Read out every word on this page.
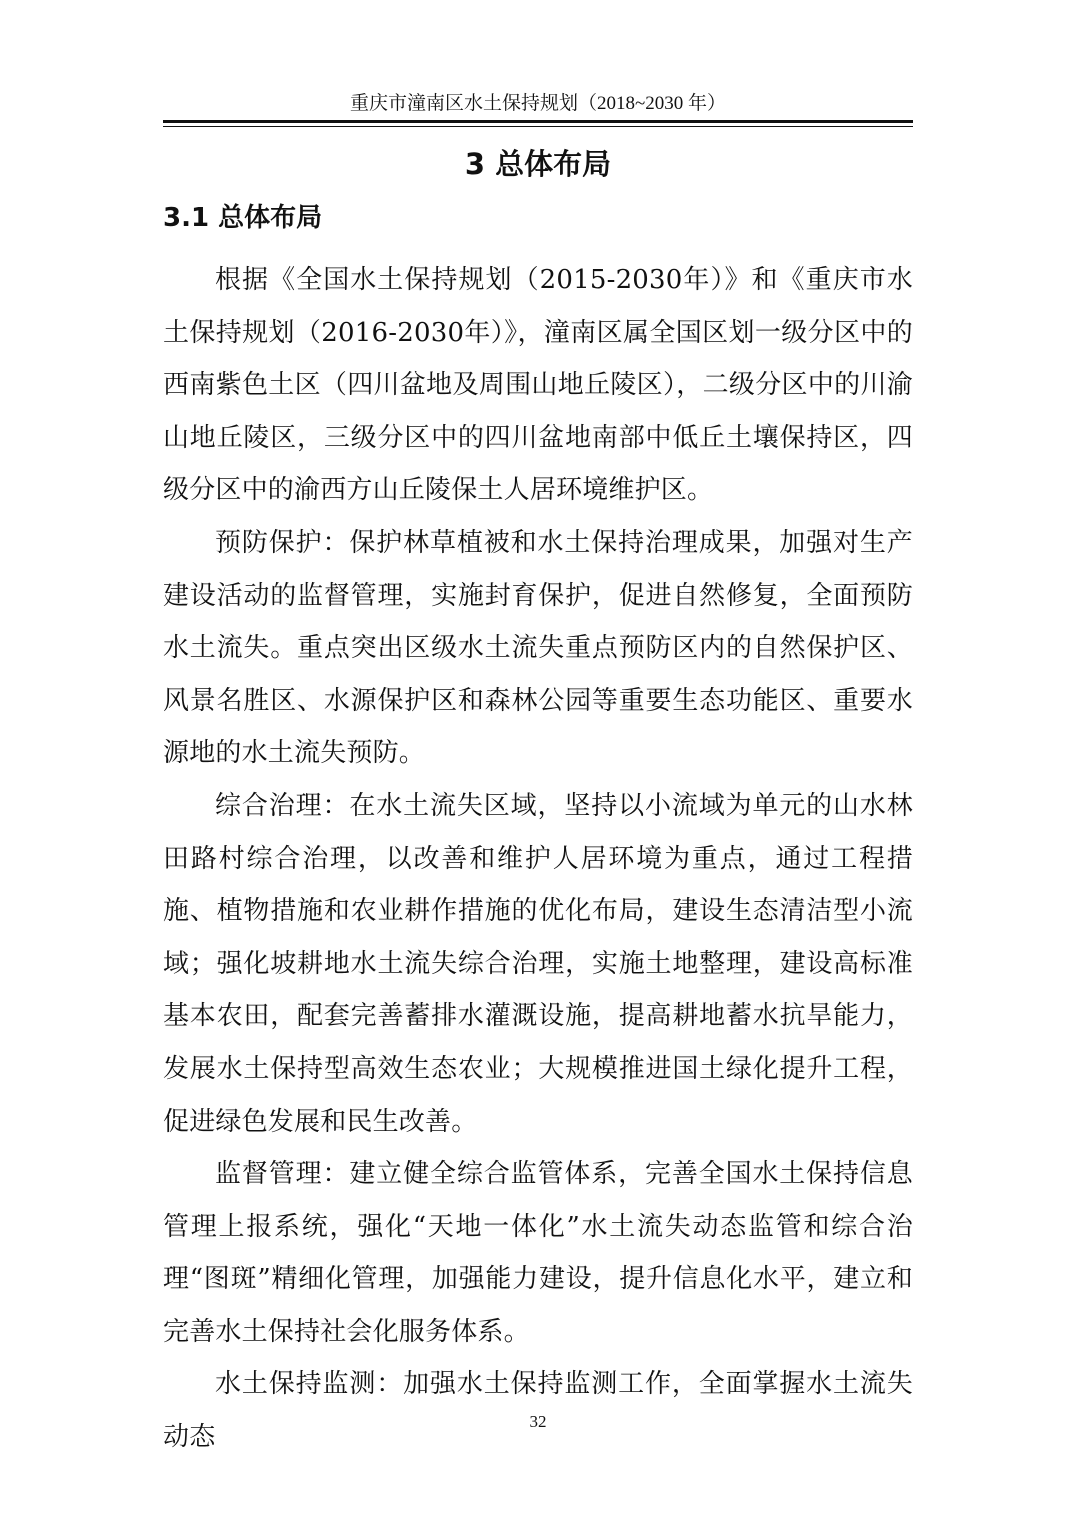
重庆市潼南区水土保持规划（2018~2030 年）
3 总体布局
3.1 总体布局

根据《全国水土保持规划（2015-2030年）》和《重庆市水土保持规划（2016-2030年）》，潼南区属全国区划一级分区中的西南紫色土区（四川盆地及周围山地丘陵区），二级分区中的川渝山地丘陵区，三级分区中的四川盆地南部中低丘土壤保持区，四级分区中的渝西方山丘陵保土人居环境维护区。

预防保护：保护林草植被和水土保持治理成果，加强对生产建设活动的监督管理，实施封育保护，促进自然修复，全面预防水土流失。重点突出区级水土流失重点预防区内的自然保护区、风景名胜区、水源保护区和森林公园等重要生态功能区、重要水源地的水土流失预防。

综合治理：在水土流失区域，坚持以小流域为单元的山水林田路村综合治理，以改善和维护人居环境为重点，通过工程措施、植物措施和农业耕作措施的优化布局，建设生态清洁型小流域；强化坡耕地水土流失综合治理，实施土地整理，建设高标准基本农田，配套完善蓄排水灌溉设施，提高耕地蓄水抗旱能力，发展水土保持型高效生态农业；大规模推进国土绿化提升工程，促进绿色发展和民生改善。

监督管理：建立健全综合监管体系，完善全国水土保持信息管理上报系统，强化“天地一体化”水土流失动态监管和综合治理“图斑”精细化管理，加强能力建设，提升信息化水平，建立和完善水土保持社会化服务体系。

水土保持监测：加强水土保持监测工作，全面掌握水土流失动态

32
